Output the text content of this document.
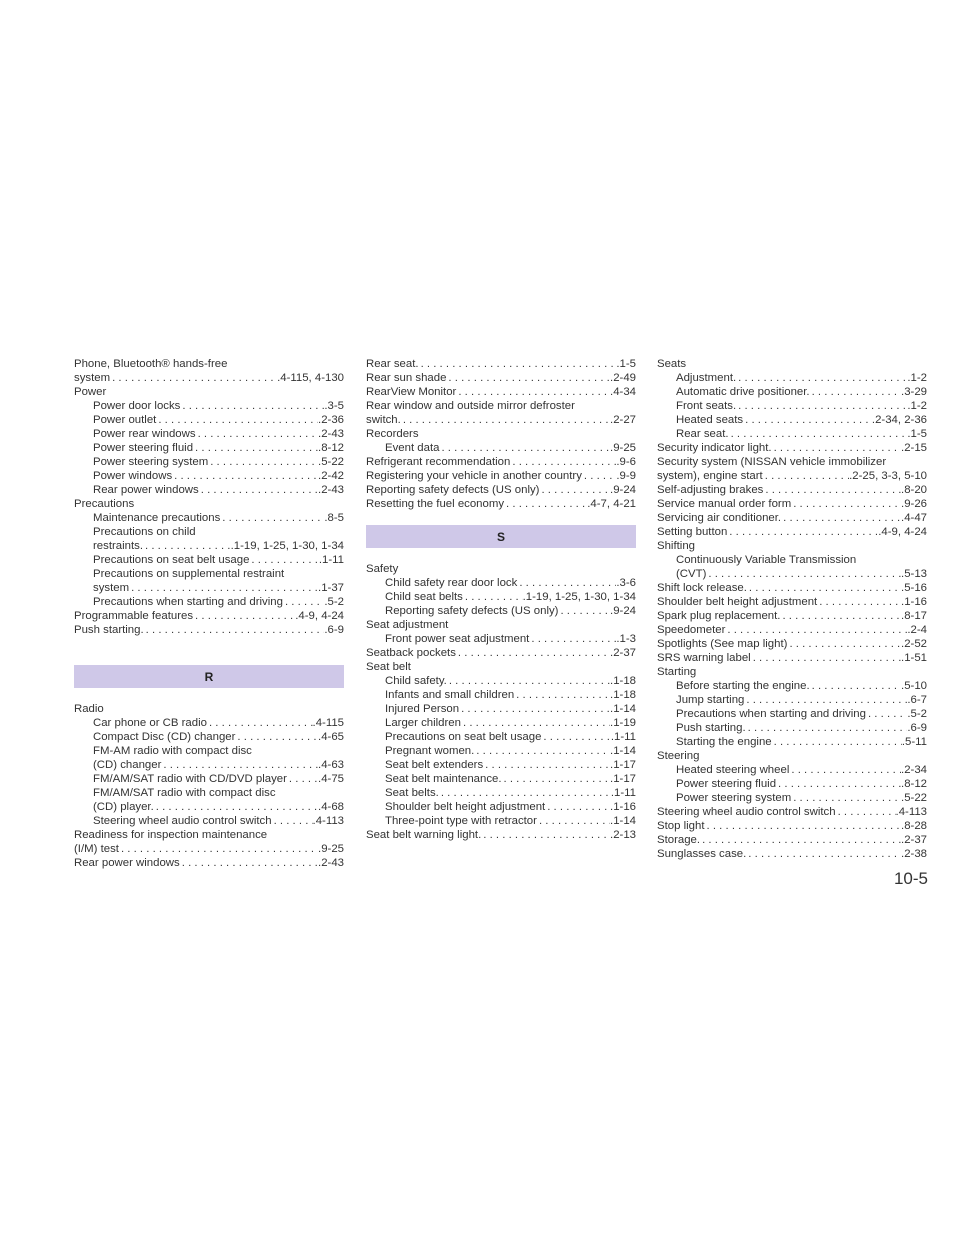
Phone, Bluetooth® hands-free
system . . .	.4-115, 4-130
Power
Power door locks . . .	.3-5
Power outlet . . .	.2-36
Power rear windows . . .	.2-43
Power steering fluid . . .	.8-12
Power steering system . . .	.5-22
Power windows . . .	.2-42
Rear power windows . . .	.2-43
Precautions
Maintenance precautions . . .	.8-5
Precautions on child
restraints. . . .	.1-19, 1-25, 1-30, 1-34
Precautions on seat belt usage . . .	.1-11
Precautions on supplemental restraint
system . . .	.1-37
Precautions when starting and driving . . .	.5-2
Programmable features . . .	.4-9, 4-24
Push starting. . . .	.6-9
R
Radio
Car phone or CB radio . . .	.4-115
Compact Disc (CD) changer . . .	.4-65
FM-AM radio with compact disc
(CD) changer . . .	.4-63
FM/AM/SAT radio with CD/DVD player . . .	.4-75
FM/AM/SAT radio with compact disc
(CD) player. . . .	.4-68
Steering wheel audio control switch . . .	.4-113
Readiness for inspection maintenance
(I/M) test . . .	.9-25
Rear power windows . . .	.2-43
Rear seat. . . .	.1-5
Rear sun shade . . .	.2-49
RearView Monitor . . .	.4-34
Rear window and outside mirror defroster
switch. . . .	.2-27
Recorders
Event data . . .	.9-25
Refrigerant recommendation . . .	.9-6
Registering your vehicle in another country . . .	.9-9
Reporting safety defects (US only) . . .	.9-24
Resetting the fuel economy . . .	.4-7, 4-21
S
Safety
Child safety rear door lock . . .	.3-6
Child seat belts . . .	.1-19, 1-25, 1-30, 1-34
Reporting safety defects (US only) . . .	.9-24
Seat adjustment
Front power seat adjustment . . .	.1-3
Seatback pockets . . .	.2-37
Seat belt
Child safety. . . .	.1-18
Infants and small children . . .	.1-18
Injured Person . . .	.1-14
Larger children . . .	.1-19
Precautions on seat belt usage . . .	.1-11
Pregnant women. . . .	.1-14
Seat belt extenders . . .	.1-17
Seat belt maintenance. . . .	.1-17
Seat belts. . . .	.1-11
Shoulder belt height adjustment . . .	.1-16
Three-point type with retractor . . .	.1-14
Seat belt warning light. . . .	.2-13
Seats
Adjustment. . . .	.1-2
Automatic drive positioner. . . .	.3-29
Front seats. . . .	.1-2
Heated seats . . .	.2-34, 2-36
Rear seat. . . .	.1-5
Security indicator light. . . .	.2-15
Security system (NISSAN vehicle immobilizer
system), engine start . . .	.2-25, 3-3, 5-10
Self-adjusting brakes . . .	.8-20
Service manual order form . . .	.9-26
Servicing air conditioner. . . .	.4-47
Setting button . . .	.4-9, 4-24
Shifting
Continuously Variable Transmission
(CVT) . . .	.5-13
Shift lock release. . . .	.5-16
Shoulder belt height adjustment . . .	.1-16
Spark plug replacement. . . .	.8-17
Speedometer . . .	.2-4
Spotlights (See map light) . . .	.2-52
SRS warning label . . .	.1-51
Starting
Before starting the engine. . . .	.5-10
Jump starting . . .	.6-7
Precautions when starting and driving . . .	.5-2
Push starting. . . .	.6-9
Starting the engine . . .	.5-11
Steering
Heated steering wheel . . .	.2-34
Power steering fluid . . .	.8-12
Power steering system . . .	.5-22
Steering wheel audio control switch . . .	.4-113
Stop light . . .	.8-28
Storage. . . .	.2-37
Sunglasses case. . . .	.2-38
10-5
